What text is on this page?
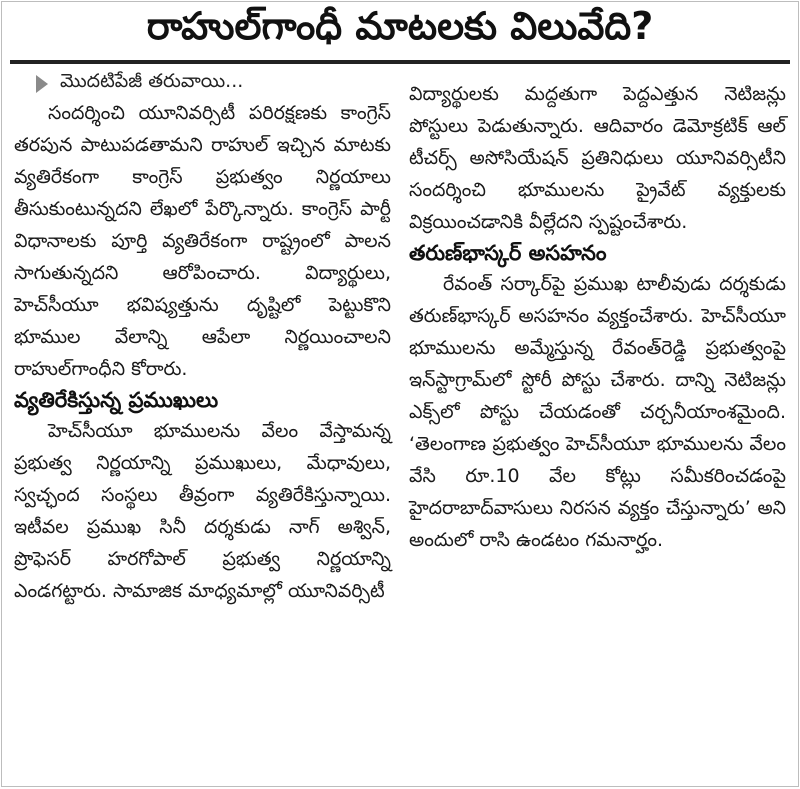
రాహుల్‌గాంధీ మాటలకు విలువేది?
మొదటిపేజీ తరువాయి...

సందర్శించి యూనివర్సిటీ పరిరక్షణకు కాంగ్రెస్‌ తరపున పాటుపడతామని రాహుల్‌ ఇచ్చిన మాటకు వ్యతిరేకంగా కాంగ్రెస్‌ ప్రభుత్వం నిర్ణయాలు తీసుకుంటున్నదని లేఖలో పేర్కొన్నారు. కాంగ్రెస్‌ పార్టీ విధానాలకు పూర్తి వ్యతిరేకంగా రాష్ట్రంలో పాలన సాగుతున్నదని ఆరోపించారు. విద్యార్థులు, హెచ్‌సీయూ భవిష్యత్తును దృష్టిలో పెట్టుకొని భూముల వేలాన్ని ఆపేలా నిర్ణయించాలని రాహుల్‌గాంధీని కోరారు.

వ్యతిరేకిస్తున్న ప్రముఖులు

హెచ్‌సీయూ భూములను వేలం వేస్తామన్న ప్రభుత్వ నిర్ణయాన్ని ప్రముఖులు, మేధావులు, స్వచ్ఛంద సంస్థలు తీవ్రంగా వ్యతిరేకిస్తున్నాయి. ఇటీవల ప్రముఖ సినీ దర్శకుడు నాగ్‌ అశ్విన్‌, ప్రొఫెసర్‌ హరగోపాల్‌ ప్రభుత్వ నిర్ణయాన్ని ఎండగట్టారు. సామాజిక మాధ్యమాల్లో యూనివర్సిటీ

విద్యార్థులకు మద్దతుగా పెద్దఎత్తున నెటిజన్లు పోస్టులు పెడుతున్నారు. ఆదివారం డెమోక్రటిక్‌ ఆల్‌ టీచర్స్‌ అసోసియేషన్‌ ప్రతినిధులు యూనివర్సిటీని సందర్శించి భూములను ప్రైవేట్‌ వ్యక్తులకు విక్రయించడానికి వీల్లేదని స్పష్టంచేశారు.

తరుణ్‌భాస్కర్‌ అసహనం

రేవంత్‌ సర్కార్‌పై ప్రముఖ టాలీవుడు దర్శకుడు తరుణ్‌భాస్కర్‌ అసహనం వ్యక్తంచేశారు. హెచ్‌సీయూ భూములను అమ్మేస్తున్న రేవంత్‌రెడ్డి ప్రభుత్వంపై ఇన్‌స్టాగ్రామ్‌లో స్టోరీ పోస్టు చేశారు. దాన్ని నెటిజన్లు ఎక్స్‌లో పోస్టు చేయడంతో చర్చనీయాంశమైంది. ‘తెలంగాణ ప్రభుత్వం హెచ్‌సీయూ భూములను వేలం వేసి రూ.10 వేల కోట్లు సమీకరించడంపై హైదరాబాద్‌వాసులు నిరసన వ్యక్తం చేస్తున్నారు’ అని అందులో రాసి ఉండటం గమనార్హం.
